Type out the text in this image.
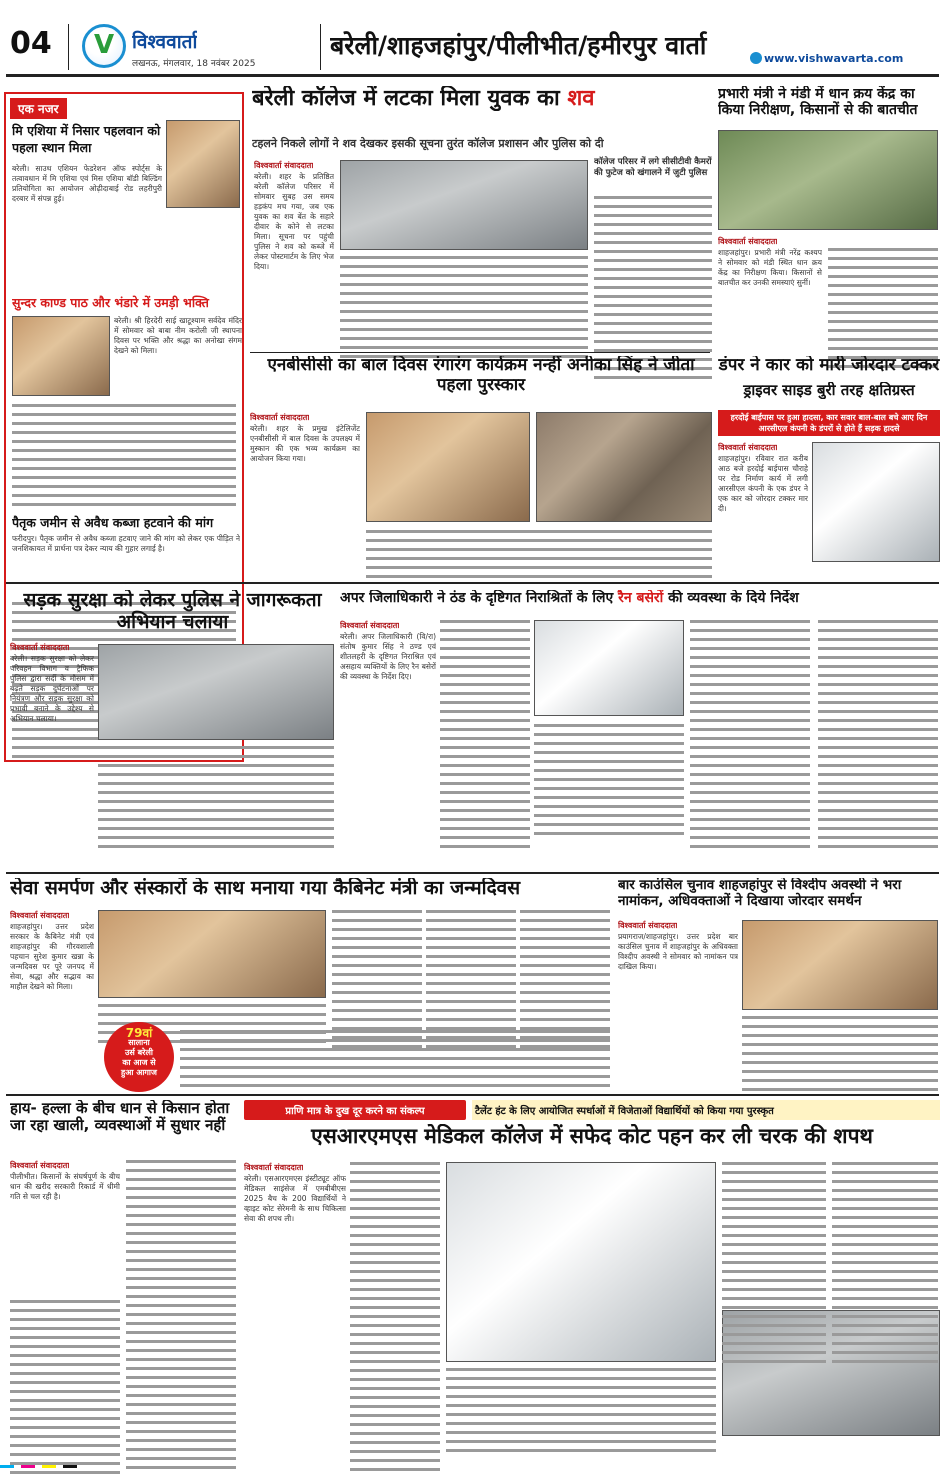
04 V विश्ववार्ता
लखनऊ, मंगलवार, 18 नवंबर 2025
बरेली/शाहजहांपुर/पीलीभीत/हमीरपुर वार्ता	www.vishwavarta.com
एक नजर
मि एशिया में निसार पहलवान को पहला स्थान मिला
बरेली। साउथ एशियन फेडरेशन ऑफ स्पोर्ट्स के तत्वावधान में मि एशिया एवं मिस एशिया बॉडी बिल्डिंग प्रतियोगिता का आयोजन ओढ़ीदाबाई रोड लहरीपुरी दरबार में संपन्न हुई।
सुन्दर काण्ड पाठ और भंडारे में उमड़ी भक्ति
बरेली। श्री हिरदेरी साई खाटूश्याम सर्वदेव मंदिर में सोमवार को बाबा नीम करोली जी स्थापना दिवस पर भक्ति और श्रद्धा का अनोखा संगम देखने को मिला।
पैतृक जमीन से अवैध कब्जा हटवाने की मांग
फरीदपुर। पैतृक जमीन से अवैध कब्जा हटवाए जाने की मांग को लेकर एक पीड़ित ने जनशिकायत में प्रार्थना पत्र देकर न्याय की गुहार लगाई है।
बरेली कॉलेज में लटका मिला युवक का शव
टहलने निकले लोगों ने शव देखकर इसकी सूचना तुरंत कॉलेज प्रशासन और पुलिस को दी
विश्ववार्ता संवाददाता
बरेली। शहर के प्रतिष्ठित बरेली कॉलेज परिसर में सोमवार सुबह उस समय हड़कंप मच गया, जब एक युवक का शव बेंत के सहारे दीवार के कोने से लटका मिला। सूचना पर पहुंची पुलिस ने शव को कब्जे में लेकर पोस्टमार्टम के लिए भेज दिया।
कॉलेज परिसर में लगे सीसीटीवी कैमरों की फुटेज को खंगालने में जुटी पुलिस
प्रभारी मंत्री ने मंडी में धान क्रय केंद्र का किया निरीक्षण, किसानों से की बातचीत
विश्ववार्ता संवाददाता
शाहजहांपुर। प्रभारी मंत्री नरेंद्र कश्यप ने सोमवार को मंडी स्थित धान क्रय केंद्र का निरीक्षण किया। किसानों से बातचीत कर उनकी समस्याएं सुनीं।
एनबीसीसी का बाल दिवस रंगारंग कार्यक्रम नन्हीं अनीका सिंह ने जीता पहला पुरस्कार
विश्ववार्ता संवाददाता
बरेली। शहर के प्रमुख इंटेलिजेंट एनबीसीसी में बाल दिवस के उपलक्ष्य में मुस्कान की एक भव्य कार्यक्रम का आयोजन किया गया।
डंपर ने कार को मारी जोरदार टक्कर
ड्राइवर साइड बुरी तरह क्षतिग्रस्त
हरदोई बाईपास पर हुआ हादसा, कार सवार बाल-बाल बचे आए दिन आरसीएल कंपनी के डंपरों से होते हैं सड़क हादसे
विश्ववार्ता संवाददाता
शाहजहांपुर। रविवार रात करीब आठ बजे हरदोई बाईपास चौराहे पर रोड निर्माण कार्य में लगी आरसीएल कंपनी के एक डंपर ने एक कार को जोरदार टक्कर मार दी।
सड़क सुरक्षा को लेकर पुलिस ने जागरूकता अभियान चलाया
विश्ववार्ता संवाददाता
बरेली। सड़क सुरक्षा को लेकर परिवहन विभाग व ट्रैफिक पुलिस द्वारा सर्दी के मौसम में बढ़ते सड़क दुर्घटनाओं पर नियंत्रण और सड़क सुरक्षा को प्रभावी बनाने के उद्देश्य से अभियान चलाया।
अपर जिलाधिकारी ने ठंड के दृष्टिगत निराश्रितों के लिए रैन बसेरों की व्यवस्था के दिये निर्देश
विश्ववार्ता संवाददाता
बरेली। अपर जिलाधिकारी (वि/रा) संतोष कुमार सिंह ने ठण्ड एवं शीतलहरी के दृष्टिगत निराश्रित एवं असहाय व्यक्तियों के लिए रैन बसेरों की व्यवस्था के निर्देश दिए।
सेवा समर्पण और संस्कारों के साथ मनाया गया कैबिनेट मंत्री का जन्मदिवस
विश्ववार्ता संवाददाता
शाहजहांपुर। उत्तर प्रदेश सरकार के कैबिनेट मंत्री एवं शाहजहांपुर की गौरवशाली पहचान सुरेश कुमार खन्ना के जन्मदिवस पर पूरे जनपद में सेवा, श्रद्धा और सद्भाव का माहौल देखने को मिला।
79वां
सालाना
उर्स बरेली
का आज से
हुआ आगाज
बार काउंसिल चुनाव शाहजहांपुर से विश्दीप अवस्थी ने भरा नामांकन, अधिवक्ताओं ने दिखाया जोरदार समर्थन
विश्ववार्ता संवाददाता
प्रयागराज/शाहजहांपुर। उत्तर प्रदेश बार काउंसिल चुनाव में शाहजहांपुर के अधिवक्ता विश्दीप अवस्थी ने सोमवार को नामांकन पत्र दाखिल किया।
हाय- हल्ला के बीच धान से किसान होता जा रहा खाली, व्यवस्थाओं में सुधार नहीं
विश्ववार्ता संवाददाता
पीलीभीत। किसानों के संघर्षपूर्ण के बीच धान की खरीद सरकारी रिकार्ड में धीमी गति से चल रही है।
प्राणि मात्र के दुख दूर करने का संकल्प	टैलेंट हंट के लिए आयोजित स्पर्धाओं में विजेताओं विद्यार्थियों को किया गया पुरस्कृत
एसआरएमएस मेडिकल कॉलेज में सफेद कोट पहन कर ली चरक की शपथ
विश्ववार्ता संवाददाता
बरेली। एसआरएमएस इंस्टीट्यूट ऑफ मेडिकल साइंसेज में एमबीबीएस 2025 बैच के 200 विद्यार्थियों ने व्हाइट कोट सेरेमनी के साथ चिकित्सा सेवा की शपथ ली।
